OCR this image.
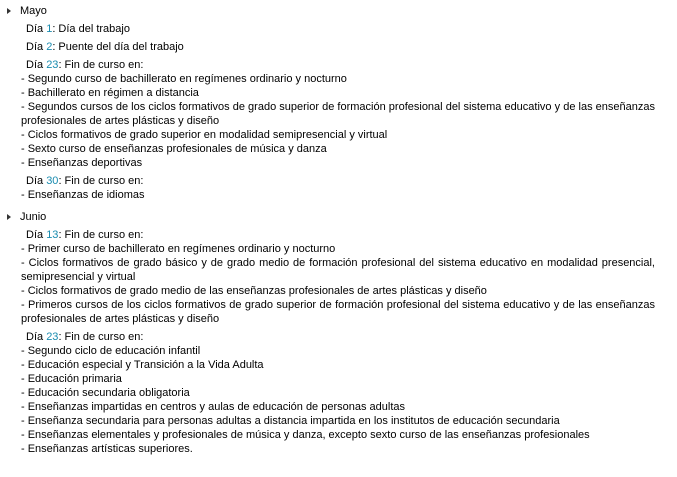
Mayo
Día 1: Día del trabajo
Día 2: Puente del día del trabajo
Día 23: Fin de curso en:
- Segundo curso de bachillerato en regímenes ordinario y nocturno
- Bachillerato en régimen a distancia
- Segundos cursos de los ciclos formativos de grado superior de formación profesional del sistema educativo y de las enseñanzas profesionales de artes plásticas y diseño
- Ciclos formativos de grado superior en modalidad semipresencial y virtual
- Sexto curso de enseñanzas profesionales de música y danza
- Enseñanzas deportivas
Día 30: Fin de curso en:
- Enseñanzas de idiomas
Junio
Día 13: Fin de curso en:
- Primer curso de bachillerato en regímenes ordinario y nocturno
- Ciclos formativos de grado básico y de grado medio de formación profesional del sistema educativo en modalidad presencial, semipresencial y virtual
- Ciclos formativos de grado medio de las enseñanzas profesionales de artes plásticas y diseño
- Primeros cursos de los ciclos formativos de grado superior de formación profesional del sistema educativo y de las enseñanzas profesionales de artes plásticas y diseño
Día 23: Fin de curso en:
- Segundo ciclo de educación infantil
- Educación especial y Transición a la Vida Adulta
- Educación primaria
- Educación secundaria obligatoria
- Enseñanzas impartidas en centros y aulas de educación de personas adultas
- Enseñanza secundaria para personas adultas a distancia impartida en los institutos de educación secundaria
- Enseñanzas elementales y profesionales de música y danza, excepto sexto curso de las enseñanzas profesionales
- Enseñanzas artísticas superiores.
